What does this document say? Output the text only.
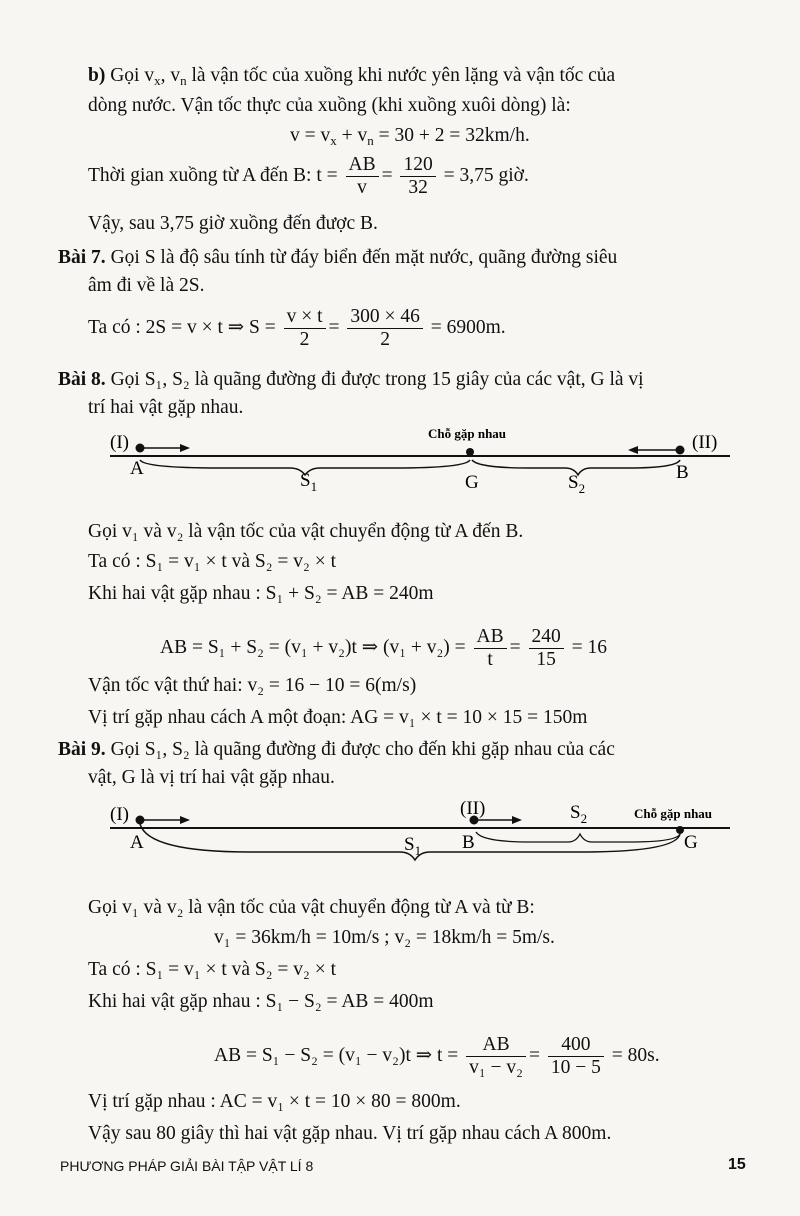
b) Gọi $v_x$, $v_n$ là vận tốc của xuồng khi nước yên lặng và vận tốc của
dòng nước. Vận tốc thực của xuồng (khi xuồng xuôi dòng) là:
$v = v_x + v_n = 30 + 2 = 32km/h$.
Thời gian xuồng từ A đến B: $t = \frac{AB}{v} = \frac{120}{32} = 3,75$ giờ.
Vậy, sau 3,75 giờ xuồng đến được B.
Bài 7. Gọi S là độ sâu tính từ đáy biển đến mặt nước, quãng đường siêu
âm đi về là 2S.
Ta có : 2S = v × t ⇒ $S = \frac{v \times t}{2} = \frac{300 \times 46}{2} = 6900m$.
Bài 8. Gọi S₁, S₂ là quãng đường đi được trong 15 giây của các vật, G là vị
trí hai vật gặp nhau.
(I)	(II)
A	B
G
$S_1$	$S_2$
Chỗ gặp nhau
Gọi v₁ và v₂ là vận tốc của vật chuyển động từ A đến B.
Ta có : S₁ = v₁ × t và S₂ = v₂ × t
Khi hai vật gặp nhau : S₁ + S₂ = AB = 240m
AB = S₁ + S₂ = (v₁ + v₂)t ⇒ $(v_1 + v_2) = \frac{AB}{t} = \frac{240}{15} = 16$
Vận tốc vật thứ hai: v₂ = 16 − 10 = 6(m/s)
Vị trí gặp nhau cách A một đoạn: AG = v₁ × t = 10 × 15 = 150m
Bài 9. Gọi S₁, S₂ là quãng đường đi được cho đến khi gặp nhau của các
vật, G là vị trí hai vật gặp nhau.
(I)	(II)
A	B	G
$S_1$
$S_2$	Chỗ gặp nhau
Gọi v₁ và v₂ là vận tốc của vật chuyển động từ A và từ B:
v₁ = 36km/h = 10m/s ; v₂ = 18km/h = 5m/s.
Ta có : S₁ = v₁ × t và S₂ = v₂ × t
Khi hai vật gặp nhau : S₁ − S₂ = AB = 400m
AB = S₁ − S₂ = (v₁ − v₂)t ⇒ $t = \frac{AB}{\text{v₁ − v₂}} = \frac{400}{10 - 5} = 80s$.
Vị trí gặp nhau : AC = v₁ × t = 10 × 80 = 800m.
Vậy sau 80 giây thì hai vật gặp nhau. Vị trí gặp nhau cách A 800m.
PHƯƠNG PHÁP GIẢI BÀI TẬP VẬT LÍ 8	15
